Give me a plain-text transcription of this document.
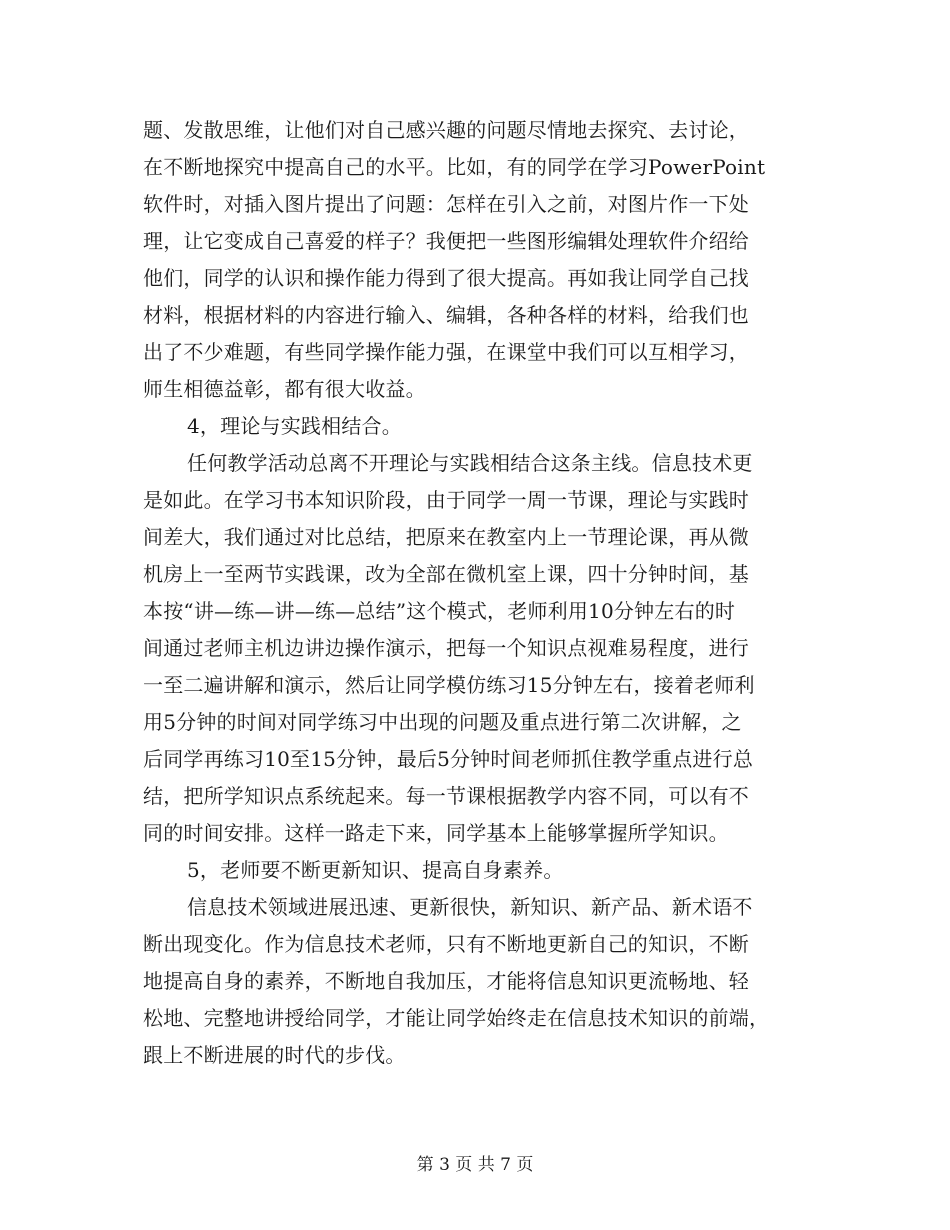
题、发散思维，让他们对自己感兴趣的问题尽情地去探究、去讨论，
在不断地探究中提高自己的水平。比如，有的同学在学习PowerPoint
软件时，对插入图片提出了问题：怎样在引入之前，对图片作一下处
理，让它变成自己喜爱的样子？我便把一些图形编辑处理软件介绍给
他们，同学的认识和操作能力得到了很大提高。再如我让同学自己找
材料，根据材料的内容进行输入、编辑，各种各样的材料，给我们也
出了不少难题，有些同学操作能力强，在课堂中我们可以互相学习，
师生相德益彰，都有很大收益。
4，理论与实践相结合。
任何教学活动总离不开理论与实践相结合这条主线。信息技术更
是如此。在学习书本知识阶段，由于同学一周一节课，理论与实践时
间差大，我们通过对比总结，把原来在教室内上一节理论课，再从微
机房上一至两节实践课，改为全部在微机室上课，四十分钟时间，基
本按“讲—练—讲—练—总结”这个模式，老师利用10分钟左右的时
间通过老师主机边讲边操作演示，把每一个知识点视难易程度，进行
一至二遍讲解和演示，然后让同学模仿练习15分钟左右，接着老师利
用5分钟的时间对同学练习中出现的问题及重点进行第二次讲解，之
后同学再练习10至15分钟，最后5分钟时间老师抓住教学重点进行总
结，把所学知识点系统起来。每一节课根据教学内容不同，可以有不
同的时间安排。这样一路走下来，同学基本上能够掌握所学知识。
5，老师要不断更新知识、提高自身素养。
信息技术领域进展迅速、更新很快，新知识、新产品、新术语不
断出现变化。作为信息技术老师，只有不断地更新自己的知识，不断
地提高自身的素养，不断地自我加压，才能将信息知识更流畅地、轻
松地、完整地讲授给同学，才能让同学始终走在信息技术知识的前端，
跟上不断进展的时代的步伐。
第 3 页 共 7 页
